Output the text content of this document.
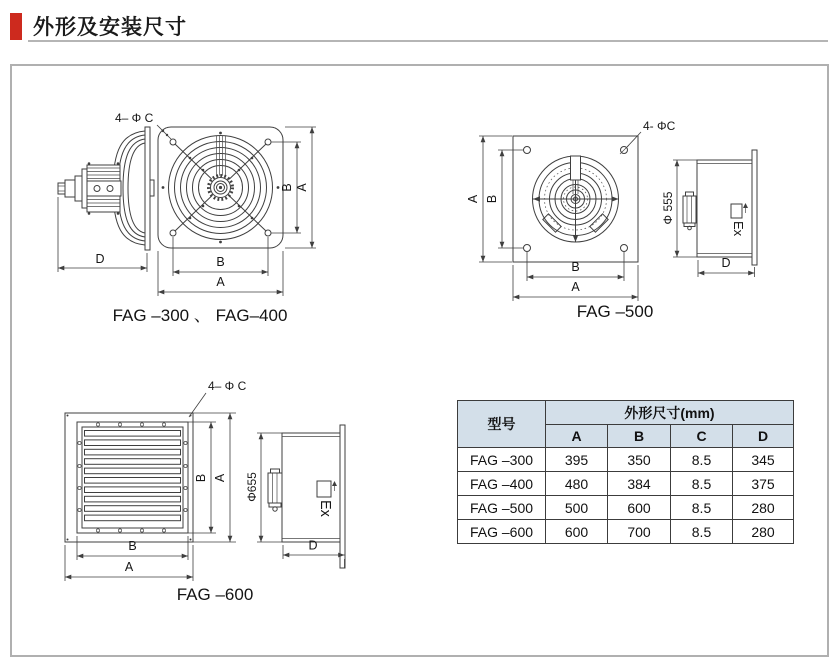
外形及安装尺寸
4– Φ C
D
B A
B
A
FAG –300 、 FAG–400
4- ΦC
Ex
A B
B
A
Φ 555
D
FAG –500
4– Φ C
Ex
B A
B
A
Φ655
D
FAG –600
型号	外形尺寸(mm)			
	A	B	C	D
FAG –300	395	350	8.5	345
FAG –400	480	384	8.5	375
FAG –500	500	600	8.5	280
FAG –600	600	700	8.5	280
